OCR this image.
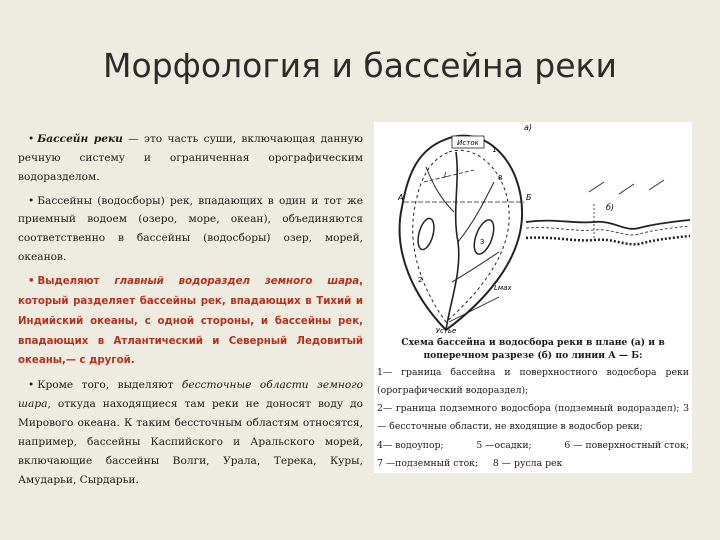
Морфология и бассейна реки

• Бассейн реки — это часть суши, включающая данную речную систему и ограниченная орографическим водоразделом.

• Бассейны (водосборы) рек, впадающих в один и тот же приемный водоем (озеро, море, океан), объединяются соответственно в бассейны (водосборы) озер, морей, океанов.

• Выделяют главный водораздел земного шара, который разделяет бассейны рек, впадающих в Тихий и Индийский океаны, с одной стороны, и бассейны рек, впадающих в Атлантический и Северный Ледовитый океаны,— с другой.

• Кроме того, выделяют бессточные области земного шара, откуда находящиеся там реки не доносят воду до Мирового океана. К таким бессточным областям относятся, например, бассейны Каспийского и Аральского морей, включающие бассейны Волги, Урала, Терека, Куры, Амударьи, Сырдарьи.

Исток
Устье
а)
б)
А	Б
L
Lмах
1
2
3
8
Схема бассейна и водосбора реки в плане (а) и в поперечном разрезе (б) по линии А — Б:
1— граница бассейна и поверхностного водосбора реки (орографический водораздел);
2— граница подземного водосбора (подземный водораздел); 3 — бессточные области, не входящие в водосбор реки;
4— водоупор;	5 —осадки;	6 — поверхностный сток;
7 —подземный сток; 8 — русла рек
